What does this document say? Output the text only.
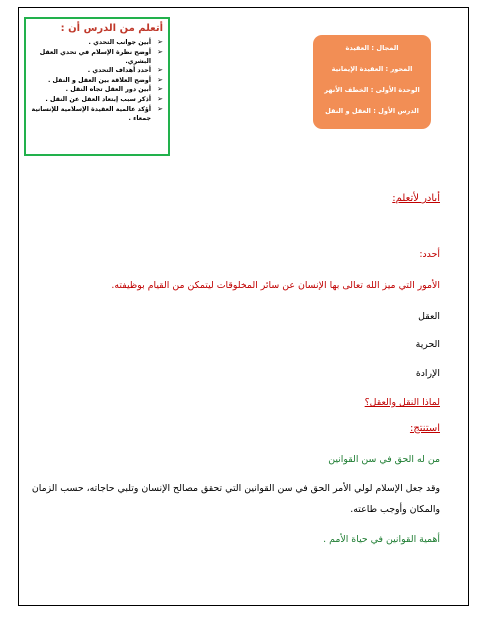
أتعلم من الدرس أن :
➢
أبين جوانب التحدي .
➢
أوضح نظرة الإسلام في تحدي العقل البشري.
➢
أحدد أهداف التحدي .
➢
أوضح العلاقة بين العقل و النقل .
➢
أبين دور العقل تجاه النقل .
➢
أذكر سبب إبتعاد العقل عن النقل .
➢
أؤكد عالمية العقيدة الإسلامية للإنسانية جمعاء .
المجال : العقيدة
المحور : العقيدة الإيمانية
الوحدة الأولى : الخطف الأنهر
الدرس الأول : العقل و النقل
أبادر لأتعلم:
أحدد:
الأمور التي ميز الله تعالى بها الإنسان عن سائر المخلوقات ليتمكن من القيام بوظيفته.
العقل
الحرية
الإرادة
لماذا النقل والعقل؟
استنتج:
من له الحق في سن القوانين
وقد جعل الإسلام لولي الأمر الحق في سن القوانين التي تحقق مصالح الإنسان وتلبي حاجاته، حسب الزمان
والمكان وأوجب طاعته.
أهمية القوانين في حياة الأمم .
